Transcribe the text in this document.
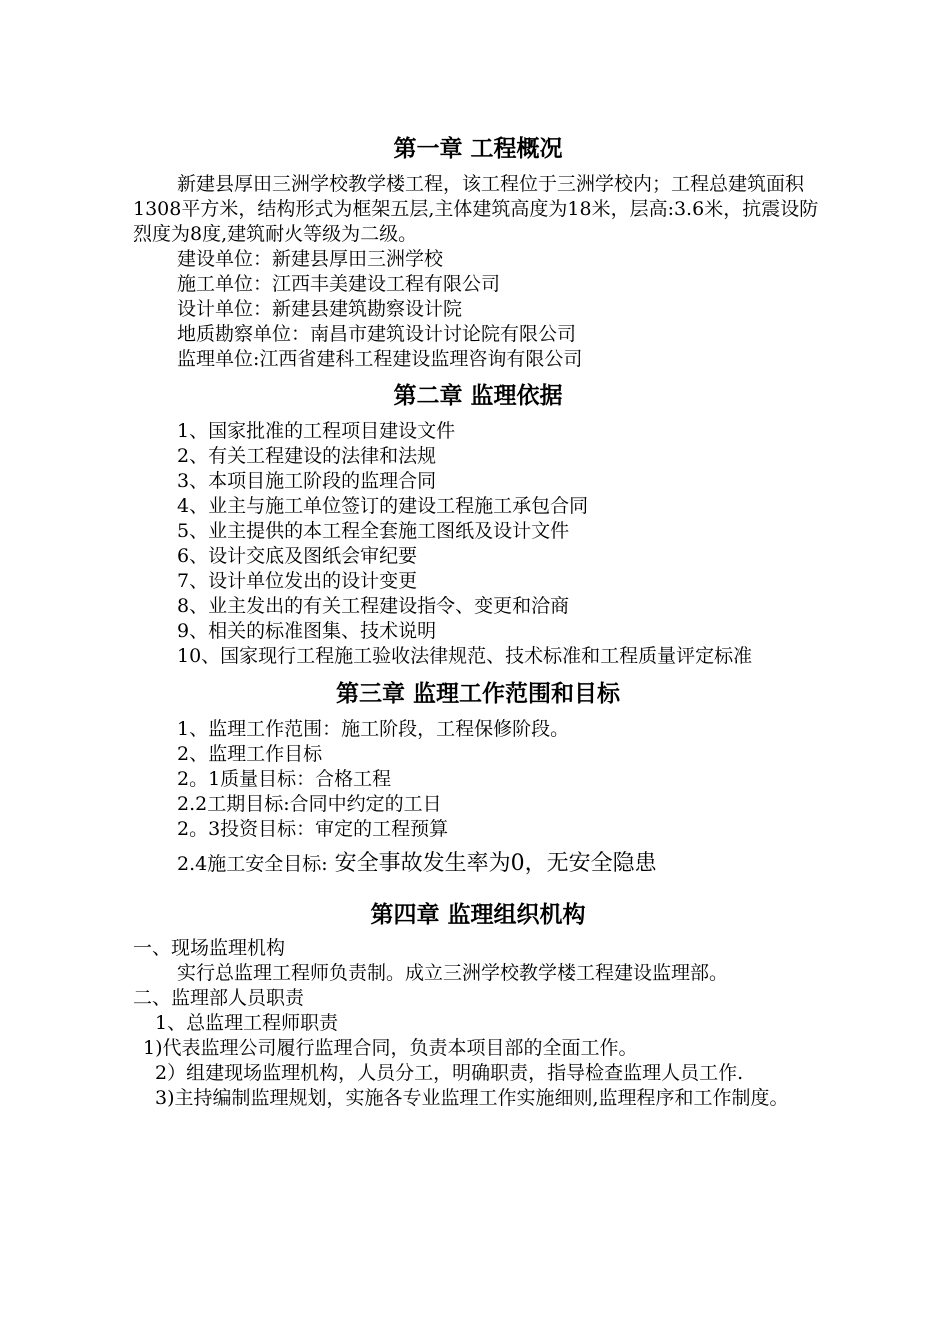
第一章 工程概况

新建县厚田三洲学校教学楼工程，该工程位于三洲学校内；工程总建筑面积1308平方米，结构形式为框架五层,主体建筑高度为18米，层高:3.6米，抗震设防烈度为8度,建筑耐火等级为二级。

建设单位：新建县厚田三洲学校

施工单位：江西丰美建设工程有限公司

设计单位：新建县建筑勘察设计院

地质勘察单位：南昌市建筑设计讨论院有限公司

监理单位:江西省建科工程建设监理咨询有限公司

第二章 监理依据

1、国家批准的工程项目建设文件

2、有关工程建设的法律和法规

3、本项目施工阶段的监理合同

4、业主与施工单位签订的建设工程施工承包合同

5、业主提供的本工程全套施工图纸及设计文件

6、设计交底及图纸会审纪要

7、设计单位发出的设计变更

8、业主发出的有关工程建设指令、变更和洽商

9、相关的标准图集、技术说明

10、国家现行工程施工验收法律规范、技术标准和工程质量评定标准

第三章 监理工作范围和目标

1、监理工作范围：施工阶段，工程保修阶段。

2、监理工作目标

2。1质量目标：合格工程

2.2工期目标:合同中约定的工日

2。3投资目标：审定的工程预算

2.4施工安全目标: 安全事故发生率为0，无安全隐患

第四章 监理组织机构

一、现场监理机构

实行总监理工程师负责制。成立三洲学校教学楼工程建设监理部。

二、监理部人员职责

1、总监理工程师职责

1)代表监理公司履行监理合同，负责本项目部的全面工作。

2）组建现场监理机构，人员分工，明确职责，指导检查监理人员工作.

3)主持编制监理规划，实施各专业监理工作实施细则,监理程序和工作制度。
